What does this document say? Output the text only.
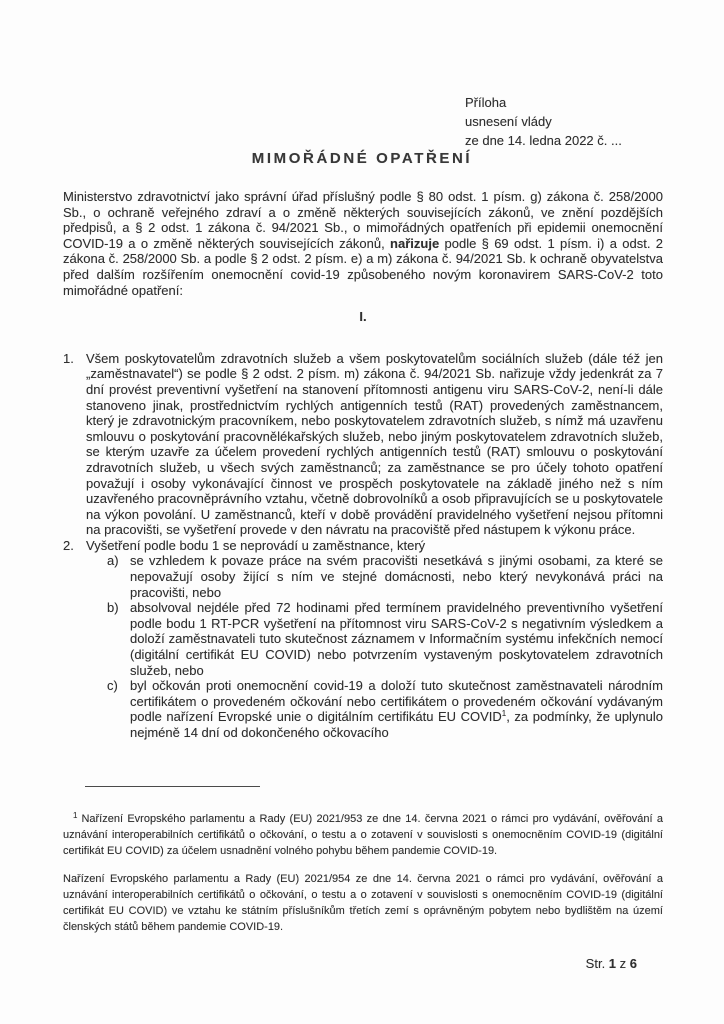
Příloha
usnesení vlády
ze dne 14. ledna 2022 č. ...
MIMOŘÁDNÉ OPATŘENÍ

Ministerstvo zdravotnictví jako správní úřad příslušný podle § 80 odst. 1 písm. g) zákona č. 258/2000 Sb., o ochraně veřejného zdraví a o změně některých souvisejících zákonů, ve znění pozdějších předpisů, a § 2 odst. 1 zákona č. 94/2021 Sb., o mimořádných opatřeních při epidemii onemocnění COVID-19 a o změně některých souvisejících zákonů, nařizuje podle § 69 odst. 1 písm. i) a odst. 2 zákona č. 258/2000 Sb. a podle § 2 odst. 2 písm. e) a m) zákona č. 94/2021 Sb. k ochraně obyvatelstva před dalším rozšířením onemocnění covid-19 způsobeného novým koronavirem SARS-CoV-2 toto mimořádné opatření:

I.
1. Všem poskytovatelům zdravotních služeb a všem poskytovatelům sociálních služeb (dále též jen „zaměstnavatel“) se podle § 2 odst. 2 písm. m) zákona č. 94/2021 Sb. nařizuje vždy jedenkrát za 7 dní provést preventivní vyšetření na stanovení přítomnosti antigenu viru SARS-CoV-2, není-li dále stanoveno jinak, prostřednictvím rychlých antigenních testů (RAT) provedených zaměstnancem, který je zdravotnickým pracovníkem, nebo poskytovatelem zdravotních služeb, s nímž má uzavřenu smlouvu o poskytování pracovnělékařských služeb, nebo jiným poskytovatelem zdravotních služeb, se kterým uzavře za účelem provedení rychlých antigenních testů (RAT) smlouvu o poskytování zdravotních služeb, u všech svých zaměstnanců; za zaměstnance se pro účely tohoto opatření považují i osoby vykonávající činnost ve prospěch poskytovatele na základě jiného než s ním uzavřeného pracovněprávního vztahu, včetně dobrovolníků a osob připravujících se u poskytovatele na výkon povolání. U zaměstnanců, kteří v době provádění pravidelného vyšetření nejsou přítomni na pracovišti, se vyšetření provede v den návratu na pracoviště před nástupem k výkonu práce.
2. Vyšetření podle bodu 1 se neprovádí u zaměstnance, který
a) se vzhledem k povaze práce na svém pracovišti nesetkává s jinými osobami, za které se nepovažují osoby žijící s ním ve stejné domácnosti, nebo který nevykonává práci na pracovišti, nebo
b) absolvoval nejdéle před 72 hodinami před termínem pravidelného preventivního vyšetření podle bodu 1 RT-PCR vyšetření na přítomnost viru SARS-CoV-2 s negativním výsledkem a doloží zaměstnavateli tuto skutečnost záznamem v Informačním systému infekčních nemocí (digitální certifikát EU COVID) nebo potvrzením vystaveným poskytovatelem zdravotních služeb, nebo
c) byl očkován proti onemocnění covid-19 a doloží tuto skutečnost zaměstnavateli národním certifikátem o provedeném očkování nebo certifikátem o provedeném očkování vydávaným podle nařízení Evropské unie o digitálním certifikátu EU COVID$^1$, za podmínky, že uplynulo nejméně 14 dní od dokončeného očkovacího

$^1$ Nařízení Evropského parlamentu a Rady (EU) 2021/953 ze dne 14. června 2021 o rámci pro vydávání, ověřování a uznávání interoperabilních certifikátů o očkování, o testu a o zotavení v souvislosti s onemocněním COVID-19 (digitální certifikát EU COVID) za účelem usnadnění volného pohybu během pandemie COVID-19.

Nařízení Evropského parlamentu a Rady (EU) 2021/954 ze dne 14. června 2021 o rámci pro vydávání, ověřování a uznávání interoperabilních certifikátů o očkování, o testu a o zotavení v souvislosti s onemocněním COVID-19 (digitální certifikát EU COVID) ve vztahu ke státním příslušníkům třetích zemí s oprávněným pobytem nebo bydlištěm na území členských států během pandemie COVID-19.

Str. 1 z 6
